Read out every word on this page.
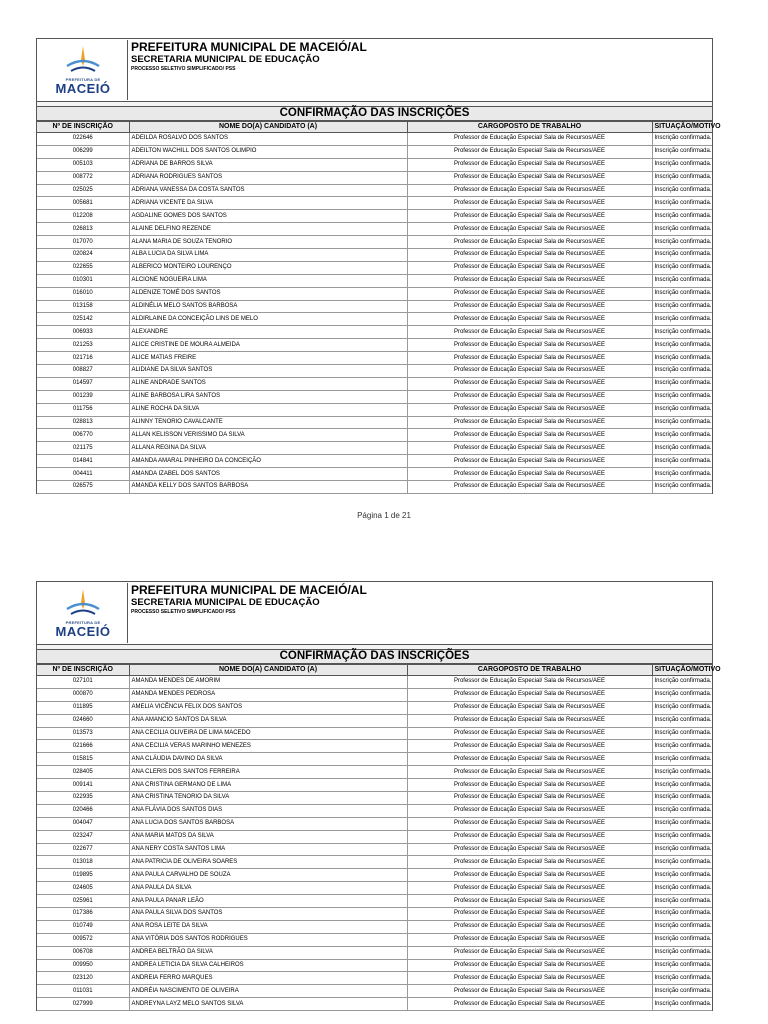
PREFEITURA DE
MACEIÓ
PREFEITURA MUNICIPAL DE MACEIÓ/AL
SECRETARIA MUNICIPAL DE EDUCAÇÃO
PROCESSO SELETIVO SIMPLIFICADO/ PSS
CONFIRMAÇÃO DAS INSCRIÇÕES
Nº DE INSCRIÇÃO	NOME DO(A) CANDIDATO (A)	CARGOPOSTO DE TRABALHO	SITUAÇÃO/MOTIVO
022646	ADEILDA ROSALVO DOS SANTOS	Professor de Educação Especial/ Sala de Recursos/AEE	Inscrição confirmada.
006299	ADEILTON WACHILL DOS SANTOS OLIMPIO	Professor de Educação Especial/ Sala de Recursos/AEE	Inscrição confirmada.
005103	ADRIANA DE BARROS SILVA	Professor de Educação Especial/ Sala de Recursos/AEE	Inscrição confirmada.
008772	ADRIANA RODRIGUES SANTOS	Professor de Educação Especial/ Sala de Recursos/AEE	Inscrição confirmada.
025025	ADRIANA VANESSA DA COSTA SANTOS	Professor de Educação Especial/ Sala de Recursos/AEE	Inscrição confirmada.
005681	ADRIANA VICENTE DA SILVA	Professor de Educação Especial/ Sala de Recursos/AEE	Inscrição confirmada.
012208	AGDALINE GOMES DOS SANTOS	Professor de Educação Especial/ Sala de Recursos/AEE	Inscrição confirmada.
026813	ALAINE DELFINO REZENDE	Professor de Educação Especial/ Sala de Recursos/AEE	Inscrição confirmada.
017070	ALANA MARIA DE SOUZA TENORIO	Professor de Educação Especial/ Sala de Recursos/AEE	Inscrição confirmada.
020824	ALBA LUCIA DA SILVA LIMA	Professor de Educação Especial/ Sala de Recursos/AEE	Inscrição confirmada.
022655	ALBERICO MONTEIRO LOURENÇO	Professor de Educação Especial/ Sala de Recursos/AEE	Inscrição confirmada.
010301	ALCIONE NOGUEIRA LIMA	Professor de Educação Especial/ Sala de Recursos/AEE	Inscrição confirmada.
016010	ALDENIZE TOMÉ DOS SANTOS	Professor de Educação Especial/ Sala de Recursos/AEE	Inscrição confirmada.
013158	ALDINÉLIA MELO SANTOS BARBOSA	Professor de Educação Especial/ Sala de Recursos/AEE	Inscrição confirmada.
025142	ALDIRLAINE DA CONCEIÇÃO LINS DE MELO	Professor de Educação Especial/ Sala de Recursos/AEE	Inscrição confirmada.
006933	ALEXANDRE	Professor de Educação Especial/ Sala de Recursos/AEE	Inscrição confirmada.
021253	ALICE CRISTINE DE MOURA ALMEIDA	Professor de Educação Especial/ Sala de Recursos/AEE	Inscrição confirmada.
021716	ALICE MATIAS FREIRE	Professor de Educação Especial/ Sala de Recursos/AEE	Inscrição confirmada.
008827	ALIDIANE DA SILVA SANTOS	Professor de Educação Especial/ Sala de Recursos/AEE	Inscrição confirmada.
014597	ALINE ANDRADE SANTOS	Professor de Educação Especial/ Sala de Recursos/AEE	Inscrição confirmada.
001239	ALINE BARBOSA LIRA SANTOS	Professor de Educação Especial/ Sala de Recursos/AEE	Inscrição confirmada.
011756	ALINE ROCHA DA SILVA	Professor de Educação Especial/ Sala de Recursos/AEE	Inscrição confirmada.
028813	ALINNY TENORIO CAVALCANTE	Professor de Educação Especial/ Sala de Recursos/AEE	Inscrição confirmada.
006770	ALLAN KELISSON VERISSIMO DA SILVA	Professor de Educação Especial/ Sala de Recursos/AEE	Inscrição confirmada.
021175	ALLANA REGINA DA SILVA	Professor de Educação Especial/ Sala de Recursos/AEE	Inscrição confirmada.
014841	AMANDA AMARAL PINHEIRO DA CONCEIÇÃO	Professor de Educação Especial/ Sala de Recursos/AEE	Inscrição confirmada.
004411	AMANDA IZABEL DOS SANTOS	Professor de Educação Especial/ Sala de Recursos/AEE	Inscrição confirmada.
026575	AMANDA KELLY DOS SANTOS BARBOSA	Professor de Educação Especial/ Sala de Recursos/AEE	Inscrição confirmada.
Página 1 de 21
PREFEITURA DE
MACEIÓ
PREFEITURA MUNICIPAL DE MACEIÓ/AL
SECRETARIA MUNICIPAL DE EDUCAÇÃO
PROCESSO SELETIVO SIMPLIFICADO/ PSS
CONFIRMAÇÃO DAS INSCRIÇÕES
Nº DE INSCRIÇÃO	NOME DO(A) CANDIDATO (A)	CARGOPOSTO DE TRABALHO	SITUAÇÃO/MOTIVO
027101	AMANDA MENDES DE AMORIM	Professor de Educação Especial/ Sala de Recursos/AEE	Inscrição confirmada.
000870	AMANDA MENDES PEDROSA	Professor de Educação Especial/ Sala de Recursos/AEE	Inscrição confirmada.
011895	AMELIA VICÊNCIA FELIX DOS SANTOS	Professor de Educação Especial/ Sala de Recursos/AEE	Inscrição confirmada.
024660	ANA AMANCIO SANTOS DA SILVA	Professor de Educação Especial/ Sala de Recursos/AEE	Inscrição confirmada.
013573	ANA CECILIA OLIVEIRA DE LIMA MACEDO	Professor de Educação Especial/ Sala de Recursos/AEE	Inscrição confirmada.
021666	ANA CECILIA VERAS MARINHO MENEZES	Professor de Educação Especial/ Sala de Recursos/AEE	Inscrição confirmada.
015815	ANA CLÁUDIA DAVINO DA SILVA	Professor de Educação Especial/ Sala de Recursos/AEE	Inscrição confirmada.
028405	ANA CLERIS DOS SANTOS FERREIRA	Professor de Educação Especial/ Sala de Recursos/AEE	Inscrição confirmada.
009141	ANA CRISTINA GERMANO DE LIMA	Professor de Educação Especial/ Sala de Recursos/AEE	Inscrição confirmada.
022935	ANA CRISTINA TENORIO DA SILVA	Professor de Educação Especial/ Sala de Recursos/AEE	Inscrição confirmada.
020466	ANA FLÁVIA DOS SANTOS DIAS	Professor de Educação Especial/ Sala de Recursos/AEE	Inscrição confirmada.
004047	ANA LUCIA DOS SANTOS BARBOSA	Professor de Educação Especial/ Sala de Recursos/AEE	Inscrição confirmada.
023247	ANA MARIA MATOS DA SILVA	Professor de Educação Especial/ Sala de Recursos/AEE	Inscrição confirmada.
022677	ANA NERY COSTA SANTOS LIMA	Professor de Educação Especial/ Sala de Recursos/AEE	Inscrição confirmada.
013018	ANA PATRICIA DE OLIVEIRA SOARES	Professor de Educação Especial/ Sala de Recursos/AEE	Inscrição confirmada.
019895	ANA PAULA CARVALHO DE SOUZA	Professor de Educação Especial/ Sala de Recursos/AEE	Inscrição confirmada.
024605	ANA PAULA DA SILVA	Professor de Educação Especial/ Sala de Recursos/AEE	Inscrição confirmada.
025961	ANA PAULA PANAR LEÃO	Professor de Educação Especial/ Sala de Recursos/AEE	Inscrição confirmada.
017386	ANA PAULA SILVA DOS SANTOS	Professor de Educação Especial/ Sala de Recursos/AEE	Inscrição confirmada.
010749	ANA ROSA LEITE DA SILVA	Professor de Educação Especial/ Sala de Recursos/AEE	Inscrição confirmada.
009572	ANA VITÓRIA DOS SANTOS RODRIGUES	Professor de Educação Especial/ Sala de Recursos/AEE	Inscrição confirmada.
006708	ANDREA BELTRÃO DA SILVA	Professor de Educação Especial/ Sala de Recursos/AEE	Inscrição confirmada.
009950	ANDREA LETICIA DA SILVA CALHEIROS	Professor de Educação Especial/ Sala de Recursos/AEE	Inscrição confirmada.
023120	ANDREIA FERRO MARQUES	Professor de Educação Especial/ Sala de Recursos/AEE	Inscrição confirmada.
011031	ANDRÉIA NASCIMENTO DE OLIVEIRA	Professor de Educação Especial/ Sala de Recursos/AEE	Inscrição confirmada.
027999	ANDREYNA LAYZ MELO SANTOS SILVA	Professor de Educação Especial/ Sala de Recursos/AEE	Inscrição confirmada.
